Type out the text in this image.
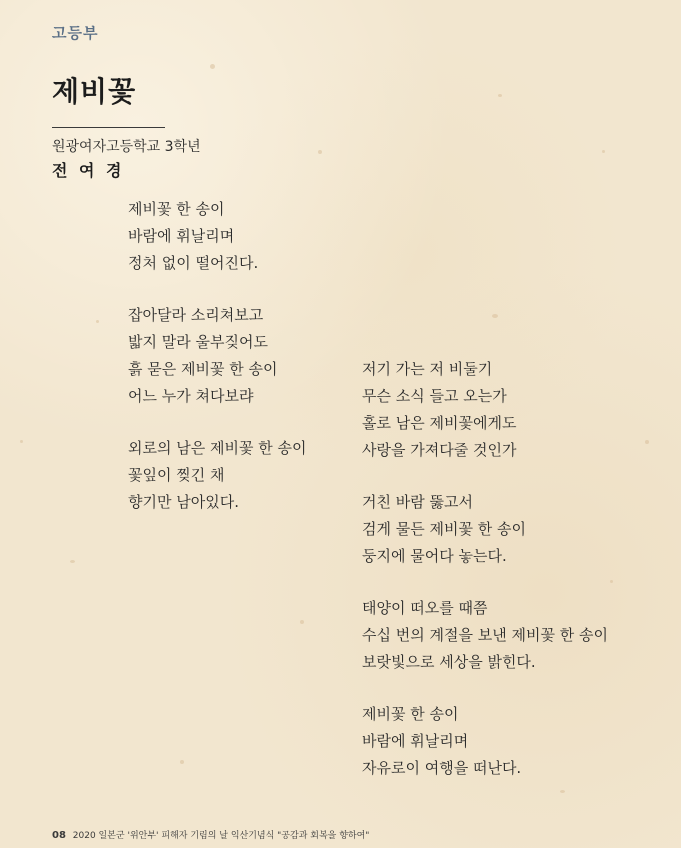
고등부
제비꽃
원광여자고등학교 3학년
전 여 경
제비꽃 한 송이
바람에 휘날리며
정처 없이 떨어진다.
잡아달라 소리쳐보고
밟지 말라 울부짖어도
흙 묻은 제비꽃 한 송이
어느 누가 쳐다보랴
외로의 남은 제비꽃 한 송이
꽃잎이 찢긴 채
향기만 남아있다.
저기 가는 저 비둘기
무슨 소식 들고 오는가
홀로 남은 제비꽃에게도
사랑을 가져다줄 것인가
거친 바람 뚫고서
검게 물든 제비꽃 한 송이
둥지에 물어다 놓는다.
태양이 떠오를 때쯤
수십 번의 계절을 보낸 제비꽃 한 송이
보랏빛으로 세상을 밝힌다.
제비꽃 한 송이
바람에 휘날리며
자유로이 여행을 떠난다.
08 2020 일본군 '위안부' 피해자 기림의 날 익산기념식 "공감과 회복을 향하여"
